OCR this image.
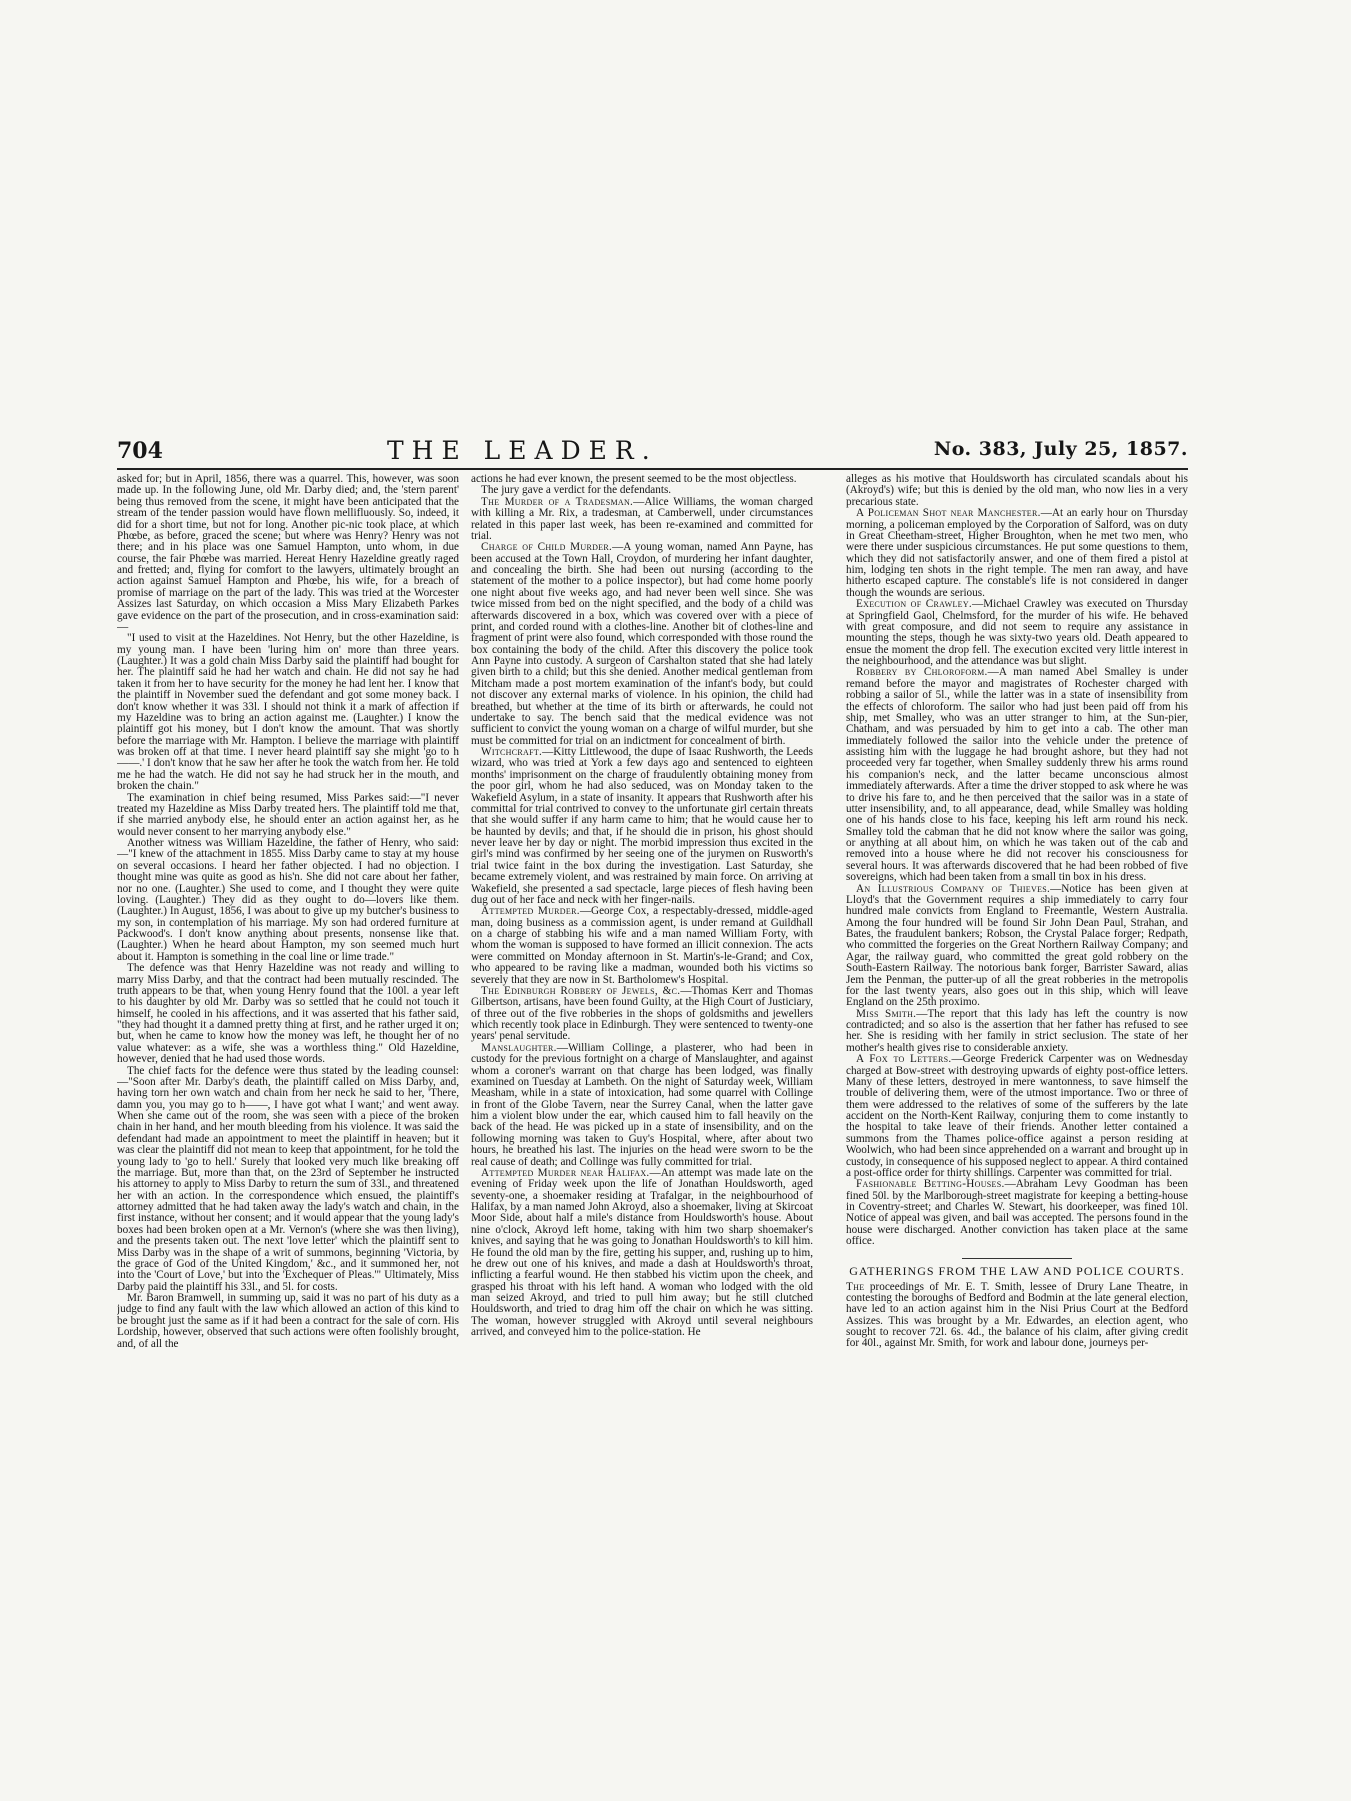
704	THE LEADER.	No. 383, July 25, 1857.

asked for; but in April, 1856, there was a quarrel. This, however, was soon made up. In the following June, old Mr. Darby died; and, the 'stern parent' being thus removed from the scene, it might have been anticipated that the stream of the tender passion would have flown mellifluously. So, indeed, it did for a short time, but not for long. Another pic-nic took place, at which Phœbe, as before, graced the scene; but where was Henry? Henry was not there; and in his place was one Samuel Hampton, unto whom, in due course, the fair Phœbe was married. Hereat Henry Hazeldine greatly raged and fretted; and, flying for comfort to the lawyers, ultimately brought an action against Samuel Hampton and Phœbe, his wife, for a breach of promise of marriage on the part of the lady. This was tried at the Worcester Assizes last Saturday, on which occasion a Miss Mary Elizabeth Parkes gave evidence on the part of the prosecution, and in cross-examination said:—

"I used to visit at the Hazeldines. Not Henry, but the other Hazeldine, is my young man. I have been 'luring him on' more than three years. (Laughter.) It was a gold chain Miss Darby said the plaintiff had bought for her. The plaintiff said he had her watch and chain. He did not say he had taken it from her to have security for the money he had lent her. I know that the plaintiff in November sued the defendant and got some money back. I don't know whether it was 33l. I should not think it a mark of affection if my Hazeldine was to bring an action against me. (Laughter.) I know the plaintiff got his money, but I don't know the amount. That was shortly before the marriage with Mr. Hampton. I believe the marriage with plaintiff was broken off at that time. I never heard plaintiff say she might 'go to h——.' I don't know that he saw her after he took the watch from her. He told me he had the watch. He did not say he had struck her in the mouth, and broken the chain."

The examination in chief being resumed, Miss Parkes said:—"I never treated my Hazeldine as Miss Darby treated hers. The plaintiff told me that, if she married anybody else, he should enter an action against her, as he would never consent to her marrying anybody else."

Another witness was William Hazeldine, the father of Henry, who said:—"I knew of the attachment in 1855. Miss Darby came to stay at my house on several occasions. I heard her father objected. I had no objection. I thought mine was quite as good as his'n. She did not care about her father, nor no one. (Laughter.) She used to come, and I thought they were quite loving. (Laughter.) They did as they ought to do—lovers like them. (Laughter.) In August, 1856, I was about to give up my butcher's business to my son, in contemplation of his marriage. My son had ordered furniture at Packwood's. I don't know anything about presents, nonsense like that. (Laughter.) When he heard about Hampton, my son seemed much hurt about it. Hampton is something in the coal line or lime trade."

The defence was that Henry Hazeldine was not ready and willing to marry Miss Darby, and that the contract had been mutually rescinded. The truth appears to be that, when young Henry found that the 100l. a year left to his daughter by old Mr. Darby was so settled that he could not touch it himself, he cooled in his affections, and it was asserted that his father said, "they had thought it a damned pretty thing at first, and he rather urged it on; but, when he came to know how the money was left, he thought her of no value whatever: as a wife, she was a worthless thing." Old Hazeldine, however, denied that he had used those words.

The chief facts for the defence were thus stated by the leading counsel:—"Soon after Mr. Darby's death, the plaintiff called on Miss Darby, and, having torn her own watch and chain from her neck he said to her, 'There, damn you, you may go to h——, I have got what I want;' and went away. When she came out of the room, she was seen with a piece of the broken chain in her hand, and her mouth bleeding from his violence. It was said the defendant had made an appointment to meet the plaintiff in heaven; but it was clear the plaintiff did not mean to keep that appointment, for he told the young lady to 'go to hell.' Surely that looked very much like breaking off the marriage. But, more than that, on the 23rd of September he instructed his attorney to apply to Miss Darby to return the sum of 33l., and threatened her with an action. In the correspondence which ensued, the plaintiff's attorney admitted that he had taken away the lady's watch and chain, in the first instance, without her consent; and it would appear that the young lady's boxes had been broken open at a Mr. Vernon's (where she was then living), and the presents taken out. The next 'love letter' which the plaintiff sent to Miss Darby was in the shape of a writ of summons, beginning 'Victoria, by the grace of God of the United Kingdom,' &c., and it summoned her, not into the 'Court of Love,' but into the 'Exchequer of Pleas.'" Ultimately, Miss Darby paid the plaintiff his 33l., and 5l. for costs.

Mr. Baron Bramwell, in summing up, said it was no part of his duty as a judge to find any fault with the law which allowed an action of this kind to be brought just the same as if it had been a contract for the sale of corn. His Lordship, however, observed that such actions were often foolishly brought, and, of all the

actions he had ever known, the present seemed to be the most objectless.

The jury gave a verdict for the defendants.

The Murder of a Tradesman.—Alice Williams, the woman charged with killing a Mr. Rix, a tradesman, at Camberwell, under circumstances related in this paper last week, has been re-examined and committed for trial.

Charge of Child Murder.—A young woman, named Ann Payne, has been accused at the Town Hall, Croydon, of murdering her infant daughter, and concealing the birth. She had been out nursing (according to the statement of the mother to a police inspector), but had come home poorly one night about five weeks ago, and had never been well since. She was twice missed from bed on the night specified, and the body of a child was afterwards discovered in a box, which was covered over with a piece of print, and corded round with a clothes-line. Another bit of clothes-line and fragment of print were also found, which corresponded with those round the box containing the body of the child. After this discovery the police took Ann Payne into custody. A surgeon of Carshalton stated that she had lately given birth to a child; but this she denied. Another medical gentleman from Mitcham made a post mortem examination of the infant's body, but could not discover any external marks of violence. In his opinion, the child had breathed, but whether at the time of its birth or afterwards, he could not undertake to say. The bench said that the medical evidence was not sufficient to convict the young woman on a charge of wilful murder, but she must be committed for trial on an indictment for concealment of birth.

Witchcraft.—Kitty Littlewood, the dupe of Isaac Rushworth, the Leeds wizard, who was tried at York a few days ago and sentenced to eighteen months' imprisonment on the charge of fraudulently obtaining money from the poor girl, whom he had also seduced, was on Monday taken to the Wakefield Asylum, in a state of insanity. It appears that Rushworth after his committal for trial contrived to convey to the unfortunate girl certain threats that she would suffer if any harm came to him; that he would cause her to be haunted by devils; and that, if he should die in prison, his ghost should never leave her by day or night. The morbid impression thus excited in the girl's mind was confirmed by her seeing one of the jurymen on Rusworth's trial twice faint in the box during the investigation. Last Saturday, she became extremely violent, and was restrained by main force. On arriving at Wakefield, she presented a sad spectacle, large pieces of flesh having been dug out of her face and neck with her finger-nails.

Attempted Murder.—George Cox, a respectably-dressed, middle-aged man, doing business as a commission agent, is under remand at Guildhall on a charge of stabbing his wife and a man named William Forty, with whom the woman is supposed to have formed an illicit connexion. The acts were committed on Monday afternoon in St. Martin's-le-Grand; and Cox, who appeared to be raving like a madman, wounded both his victims so severely that they are now in St. Bartholomew's Hospital.

The Edinburgh Robbery of Jewels, &c.—Thomas Kerr and Thomas Gilbertson, artisans, have been found Guilty, at the High Court of Justiciary, of three out of the five robberies in the shops of goldsmiths and jewellers which recently took place in Edinburgh. They were sentenced to twenty-one years' penal servitude.

Manslaughter.—William Collinge, a plasterer, who had been in custody for the previous fortnight on a charge of Manslaughter, and against whom a coroner's warrant on that charge has been lodged, was finally examined on Tuesday at Lambeth. On the night of Saturday week, William Measham, while in a state of intoxication, had some quarrel with Collinge in front of the Globe Tavern, near the Surrey Canal, when the latter gave him a violent blow under the ear, which caused him to fall heavily on the back of the head. He was picked up in a state of insensibility, and on the following morning was taken to Guy's Hospital, where, after about two hours, he breathed his last. The injuries on the head were sworn to be the real cause of death; and Collinge was fully committed for trial.

Attempted Murder near Halifax.—An attempt was made late on the evening of Friday week upon the life of Jonathan Houldsworth, aged seventy-one, a shoemaker residing at Trafalgar, in the neighbourhood of Halifax, by a man named John Akroyd, also a shoemaker, living at Skircoat Moor Side, about half a mile's distance from Houldsworth's house. About nine o'clock, Akroyd left home, taking with him two sharp shoemaker's knives, and saying that he was going to Jonathan Houldsworth's to kill him. He found the old man by the fire, getting his supper, and, rushing up to him, he drew out one of his knives, and made a dash at Houldsworth's throat, inflicting a fearful wound. He then stabbed his victim upon the cheek, and grasped his throat with his left hand. A woman who lodged with the old man seized Akroyd, and tried to pull him away; but he still clutched Houldsworth, and tried to drag him off the chair on which he was sitting. The woman, however struggled with Akroyd until several neighbours arrived, and conveyed him to the police-station. He

alleges as his motive that Houldsworth has circulated scandals about his (Akroyd's) wife; but this is denied by the old man, who now lies in a very precarious state.

A Policeman Shot near Manchester.—At an early hour on Thursday morning, a policeman employed by the Corporation of Salford, was on duty in Great Cheetham-street, Higher Broughton, when he met two men, who were there under suspicious circumstances. He put some questions to them, which they did not satisfactorily answer, and one of them fired a pistol at him, lodging ten shots in the right temple. The men ran away, and have hitherto escaped capture. The constable's life is not considered in danger though the wounds are serious.

Execution of Crawley.—Michael Crawley was executed on Thursday at Springfield Gaol, Chelmsford, for the murder of his wife. He behaved with great composure, and did not seem to require any assistance in mounting the steps, though he was sixty-two years old. Death appeared to ensue the moment the drop fell. The execution excited very little interest in the neighbourhood, and the attendance was but slight.

Robbery by Chloroform.—A man named Abel Smalley is under remand before the mayor and magistrates of Rochester charged with robbing a sailor of 5l., while the latter was in a state of insensibility from the effects of chloroform. The sailor who had just been paid off from his ship, met Smalley, who was an utter stranger to him, at the Sun-pier, Chatham, and was persuaded by him to get into a cab. The other man immediately followed the sailor into the vehicle under the pretence of assisting him with the luggage he had brought ashore, but they had not proceeded very far together, when Smalley suddenly threw his arms round his companion's neck, and the latter became unconscious almost immediately afterwards. After a time the driver stopped to ask where he was to drive his fare to, and he then perceived that the sailor was in a state of utter insensibility, and, to all appearance, dead, while Smalley was holding one of his hands close to his face, keeping his left arm round his neck. Smalley told the cabman that he did not know where the sailor was going, or anything at all about him, on which he was taken out of the cab and removed into a house where he did not recover his consciousness for several hours. It was afterwards discovered that he had been robbed of five sovereigns, which had been taken from a small tin box in his dress.

An Illustrious Company of Thieves.—Notice has been given at Lloyd's that the Government requires a ship immediately to carry four hundred male convicts from England to Freemantle, Western Australia. Among the four hundred will be found Sir John Dean Paul, Strahan, and Bates, the fraudulent bankers; Robson, the Crystal Palace forger; Redpath, who committed the forgeries on the Great Northern Railway Company; and Agar, the railway guard, who committed the great gold robbery on the South-Eastern Railway. The notorious bank forger, Barrister Saward, alias Jem the Penman, the putter-up of all the great robberies in the metropolis for the last twenty years, also goes out in this ship, which will leave England on the 25th proximo.

Miss Smith.—The report that this lady has left the country is now contradicted; and so also is the assertion that her father has refused to see her. She is residing with her family in strict seclusion. The state of her mother's health gives rise to considerable anxiety.

A Fox to Letters.—George Frederick Carpenter was on Wednesday charged at Bow-street with destroying upwards of eighty post-office letters. Many of these letters, destroyed in mere wantonness, to save himself the trouble of delivering them, were of the utmost importance. Two or three of them were addressed to the relatives of some of the sufferers by the late accident on the North-Kent Railway, conjuring them to come instantly to the hospital to take leave of their friends. Another letter contained a summons from the Thames police-office against a person residing at Woolwich, who had been since apprehended on a warrant and brought up in custody, in consequence of his supposed neglect to appear. A third contained a post-office order for thirty shillings. Carpenter was committed for trial.

Fashionable Betting-Houses.—Abraham Levy Goodman has been fined 50l. by the Marlborough-street magistrate for keeping a betting-house in Coventry-street; and Charles W. Stewart, his doorkeeper, was fined 10l. Notice of appeal was given, and bail was accepted. The persons found in the house were discharged. Another conviction has taken place at the same office.

GATHERINGS FROM THE LAW AND POLICE COURTS.

The proceedings of Mr. E. T. Smith, lessee of Drury Lane Theatre, in contesting the boroughs of Bedford and Bodmin at the late general election, have led to an action against him in the Nisi Prius Court at the Bedford Assizes. This was brought by a Mr. Edwardes, an election agent, who sought to recover 72l. 6s. 4d., the balance of his claim, after giving credit for 40l., against Mr. Smith, for work and labour done, journeys per-
